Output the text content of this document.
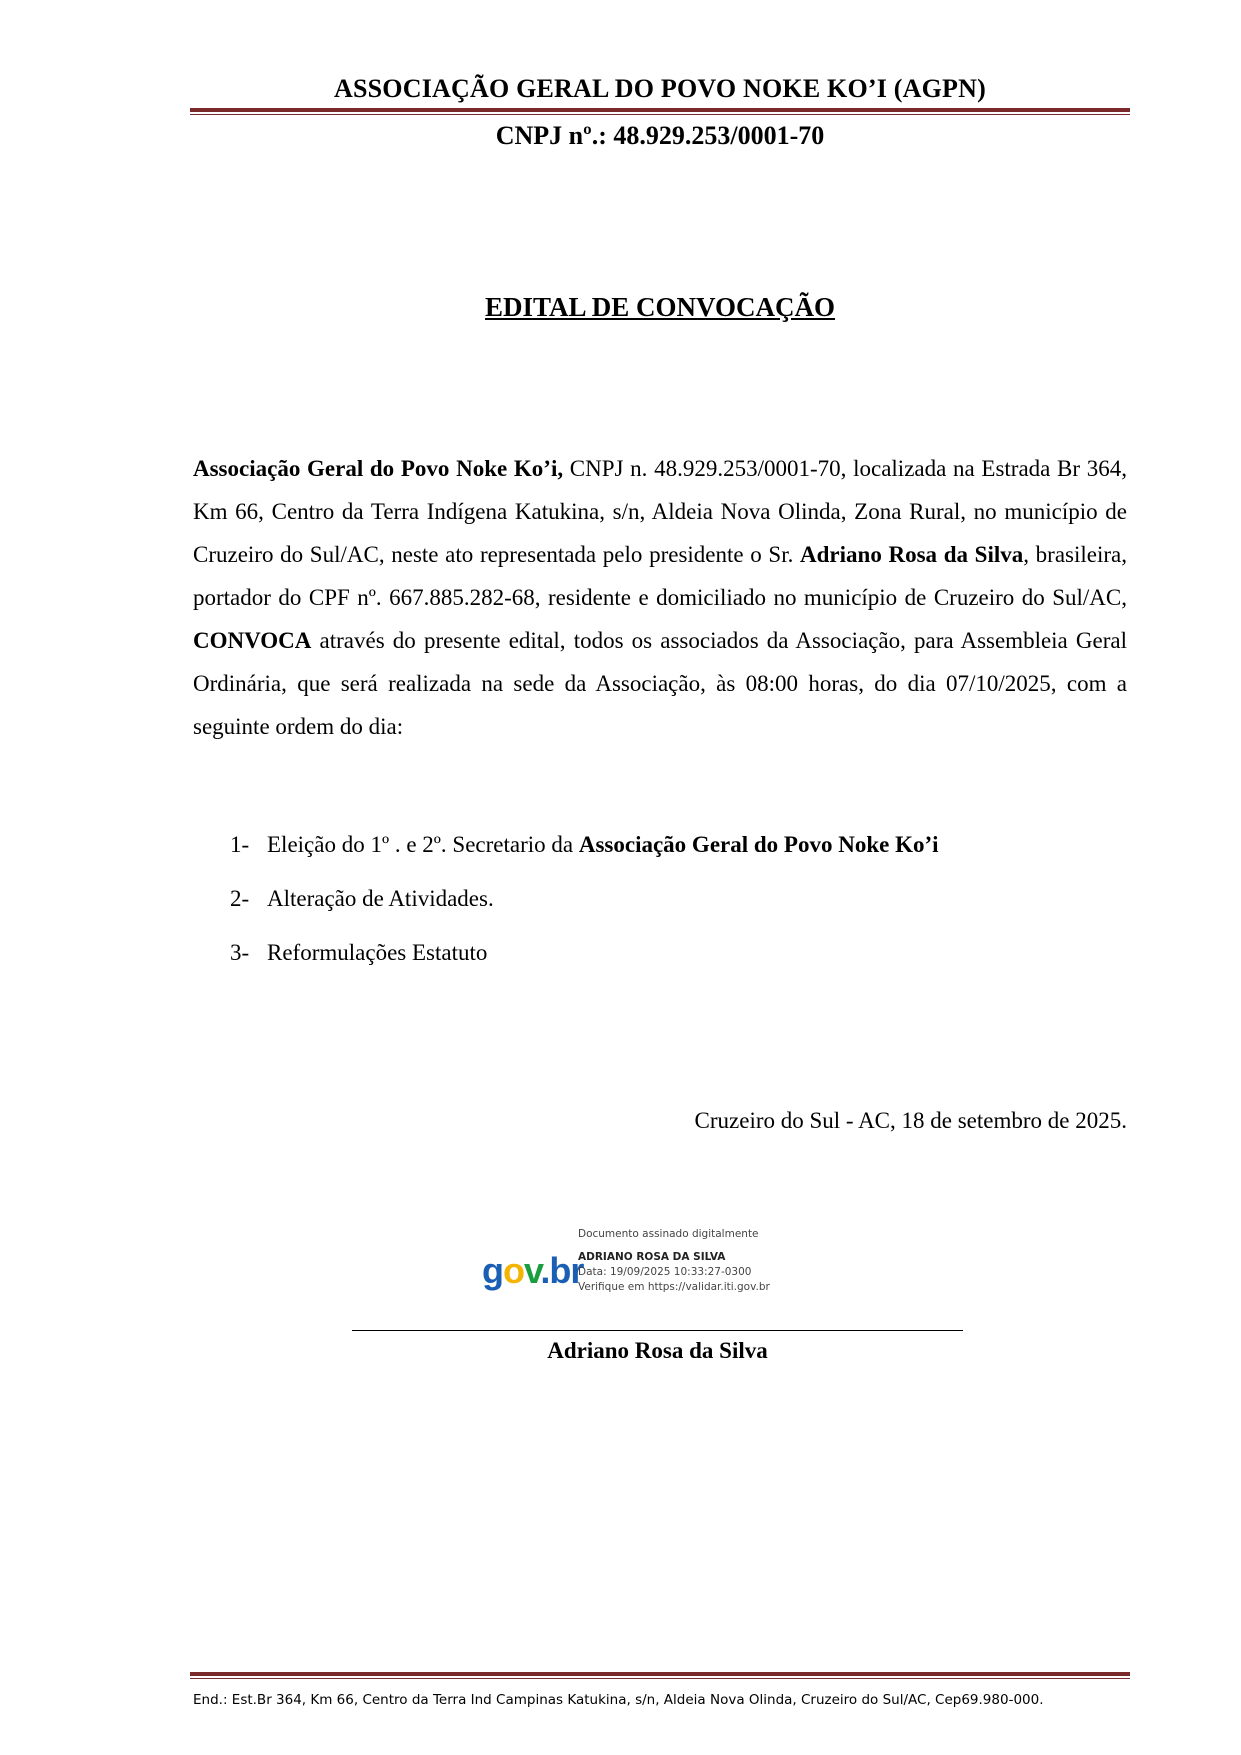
ASSOCIAÇÃO GERAL DO POVO NOKE KO’I (AGPN)
CNPJ nº.: 48.929.253/0001-70
EDITAL DE CONVOCAÇÃO
Associação Geral do Povo Noke Ko’i, CNPJ n. 48.929.253/0001-70, localizada na Estrada Br 364, Km 66, Centro da Terra Indígena Katukina, s/n, Aldeia Nova Olinda, Zona Rural, no município de Cruzeiro do Sul/AC, neste ato representada pelo presidente o Sr. Adriano Rosa da Silva, brasileira, portador do CPF nº. 667.885.282-68, residente e domiciliado no município de Cruzeiro do Sul/AC, CONVOCA através do presente edital, todos os associados da Associação, para Assembleia Geral Ordinária, que será realizada na sede da Associação, às 08:00 horas, do dia 07/10/2025, com a seguinte ordem do dia:
1- Eleição do 1º . e 2º. Secretario da Associação Geral do Povo Noke Ko’i
2- Alteração de Atividades.
3- Reformulações Estatuto
Cruzeiro do Sul - AC, 18 de setembro de 2025.
gov.br
Documento assinado digitalmente
ADRIANO ROSA DA SILVA
Data: 19/09/2025 10:33:27-0300
Verifique em https://validar.iti.gov.br
Adriano Rosa da Silva
End.: Est.Br 364, Km 66, Centro da Terra Ind Campinas Katukina, s/n, Aldeia Nova Olinda, Cruzeiro do Sul/AC, Cep69.980-000.
